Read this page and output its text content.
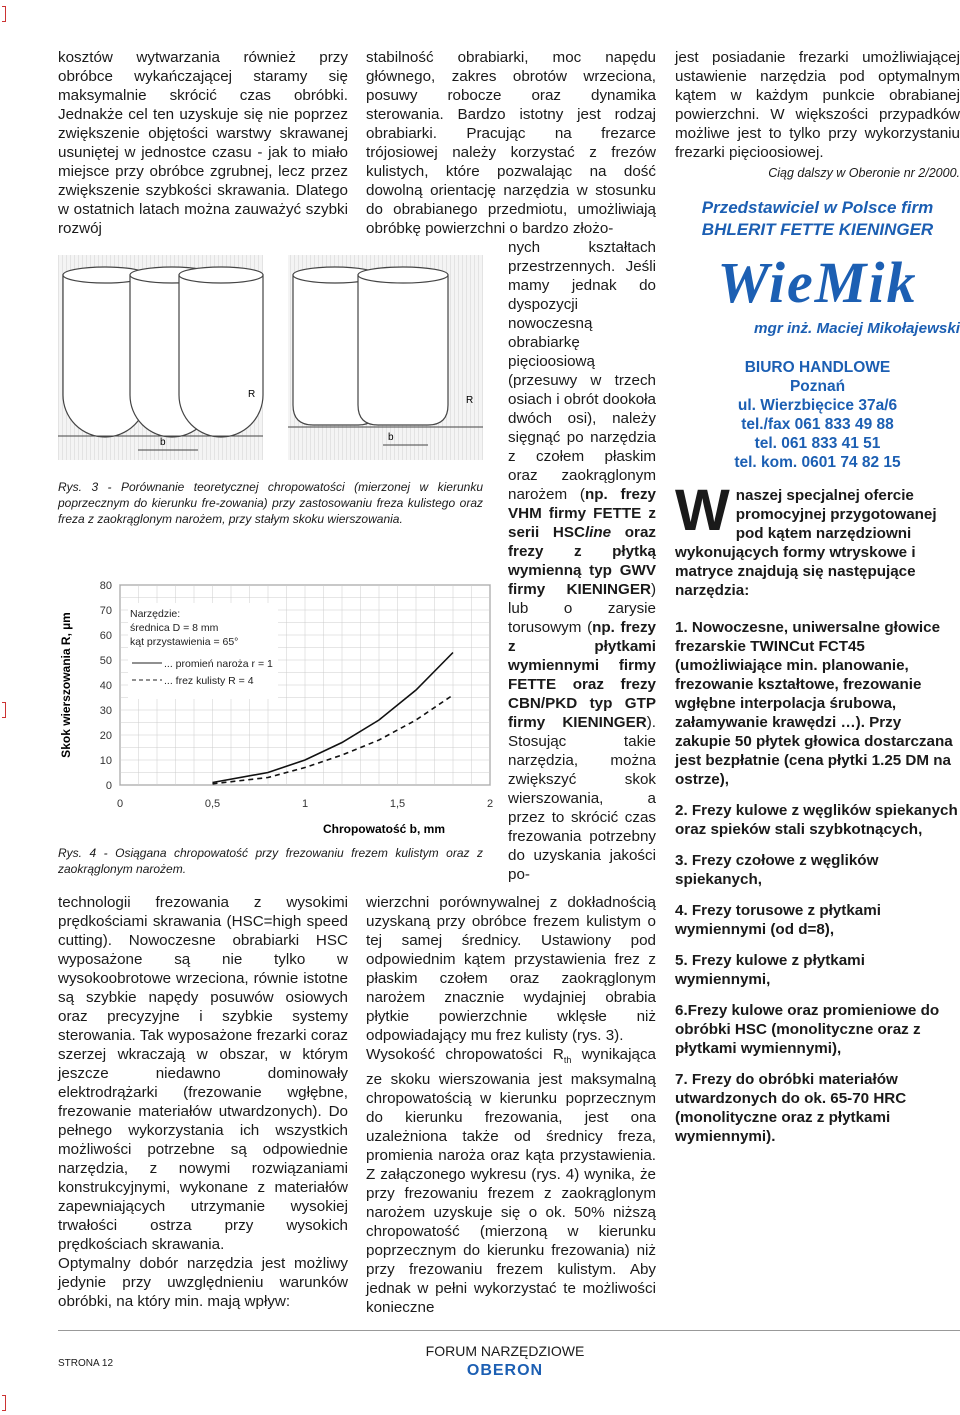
kosztów wytwarzania również przy obróbce wykańczającej staramy się maksymalnie skrócić czas obróbki. Jednakże cel ten uzyskuje się nie poprzez zwiększenie objętości warstwy skrawanej usuniętej w jednostce czasu - jak to miało miejsce przy obróbce zgrubnej, lecz przez zwiększenie szybkości skrawania. Dlatego w ostatnich latach można zauważyć szybki rozwój

b
R
b
R
Rys. 3 - Porównanie teoretycznej chropowatości (mierzonej w kierunku poprzecznym do kierunku fre-zowania) przy zastosowaniu freza kulistego oraz freza z zaokrąglonym narożem, przy stałym skoku wierszowania.
0
10
20
30
40
50
60
70
80
0	0,5	1	1,5	2
Skok wierszowania R, µm
Chropowatość b, mm
Narzędzie:
średnica D = 8 mm
kąt przystawienia = 65°
... promień naroża r = 1
... frez kulisty R = 4
Rys. 4 - Osiągana chropowatość przy frezowaniu frezem kulistym oraz z zaokrąglonym narożem.

technologii frezowania z wysokimi prędkościami skrawania (HSC=high speed cutting). Nowoczesne obrabiarki HSC wyposażone są nie tylko w wysokoobrotowe wrzeciona, równie istotne są szybkie napędy posuwów osiowych oraz precyzyjne i szybkie systemy sterowania. Tak wyposażone frezarki coraz szerzej wkraczają w obszar, w którym jeszcze niedawno dominowały elektrodrążarki (frezowanie wgłębne, frezowanie materiałów utwardzonych). Do pełnego wykorzystania ich wszystkich możliwości potrzebne są odpowiednie narzędzia, z nowymi rozwiązaniami konstrukcyjnymi, wykonane z materiałów zapewniających utrzymanie wysokiej trwałości ostrza przy wysokich prędkościach skrawania.

Optymalny dobór narzędzia jest możliwy jedynie przy uwzględnieniu warunków obróbki, na który min. mają wpływ:

stabilność obrabiarki, moc napędu głównego, zakres obrotów wrzeciona, posuwy robocze oraz dynamika sterowania. Bardzo istotny jest rodzaj obrabiarki. Pracując na frezarce trójosiowej należy korzystać z frezów kulistych, które pozwalając na dość dowolną orientację narzędzia w stosunku do obrabianego przedmiotu, umożliwiają obróbkę powierzchni o bardzo złożo-

nych kształtach przestrzennych. Jeśli mamy jednak do dyspozycji nowoczesną obrabiarkę pięcioosiową (przesuwy w trzech osiach i obrót dookoła dwóch osi), należy sięgnąć po narzędzia z czołem płaskim oraz zaokrąglonym narożem (np. frezy VHM firmy FETTE z serii HSCline oraz frezy z płytką wymienną typ GWV firmy KIENINGER) lub o zarysie torusowym (np. frezy z płytkami wymiennymi firmy FETTE oraz frezy CBN/PKD typ GTP firmy KIENINGER). Stosując takie narzędzia, można zwiększyć skok wierszowania, a przez to skrócić czas frezowania potrzebny do uzyskania jakości po-

wierzchni porównywalnej z dokładnością uzyskaną przy obróbce frezem kulistym o tej samej średnicy. Ustawiony pod odpowiednim kątem przystawienia frez z płaskim czołem oraz zaokrąglonym narożem znacznie wydajniej obrabia płytkie powierzchnie wklęsłe niż odpowiadający mu frez kulisty (rys. 3).

Wysokość chropowatości $R_{th}$ wynikająca ze skoku wierszowania jest maksymalną chropowatością w kierunku poprzecznym do kierunku frezowania, jest ona uzależniona także od średnicy freza, promienia naroża oraz kąta przystawienia. Z załączonego wykresu (rys. 4) wynika, że przy frezowaniu frezem z zaokrąglonym narożem uzyskuje się o ok. 50% niższą chropowatość (mierzoną w kierunku poprzecznym do kierunku frezowania) niż przy frezowaniu frezem kulistym. Aby jednak w pełni wykorzystać te możliwości konieczne

jest posiadanie frezarki umożliwiającej ustawienie narzędzia pod optymalnym kątem w każdym punkcie obrabianej powierzchni. W większości przypadków możliwe jest to tylko przy wykorzystaniu frezarki pięcioosiowej.

Ciąg dalszy w Oberonie nr 2/2000.

Przedstawiciel w Polsce firm BHLERIT FETTE KIENINGER

WieMik

mgr inż. Maciej Mikołajewski

BIURO HANDLOWE
Poznań
ul. Wierzbięcice 37a/6
tel./fax 061 833 49 88
tel. 061 833 41 51
tel. kom. 0601 74 82 15

Wnaszej specjalnej ofercie promocyjnej przygotowanej pod kątem narzędziowni wykonujących formy wtryskowe i matryce znajdują się następujące narzędzia:

1. Nowoczesne, uniwersalne głowice frezarskie TWINCut FCT45 (umożliwiające min. planowanie, frezowanie kształtowe, frezowanie wgłębne interpolacja śrubowa, załamywanie krawędzi …). Przy zakupie 50 płytek głowica dostarczana jest bezpłatnie (cena płytki 1.25 DM na ostrze),

2. Frezy kulowe z węglików spiekanych oraz spieków stali szybkotnących,

3. Frezy czołowe z węglików spiekanych,

4. Frezy torusowe z płytkami wymiennymi (od d=8),

5. Frezy kulowe z płytkami wymiennymi,

6.Frezy kulowe oraz promieniowe do obróbki HSC (monolityczne oraz z płytkami wymiennymi),

7. Frezy do obróbki materiałów utwardzonych do ok. 65-70 HRC (monolityczne oraz z płytkami wymiennymi).

STRONA 12
FORUM NARZĘDZIOWE
OBERON
